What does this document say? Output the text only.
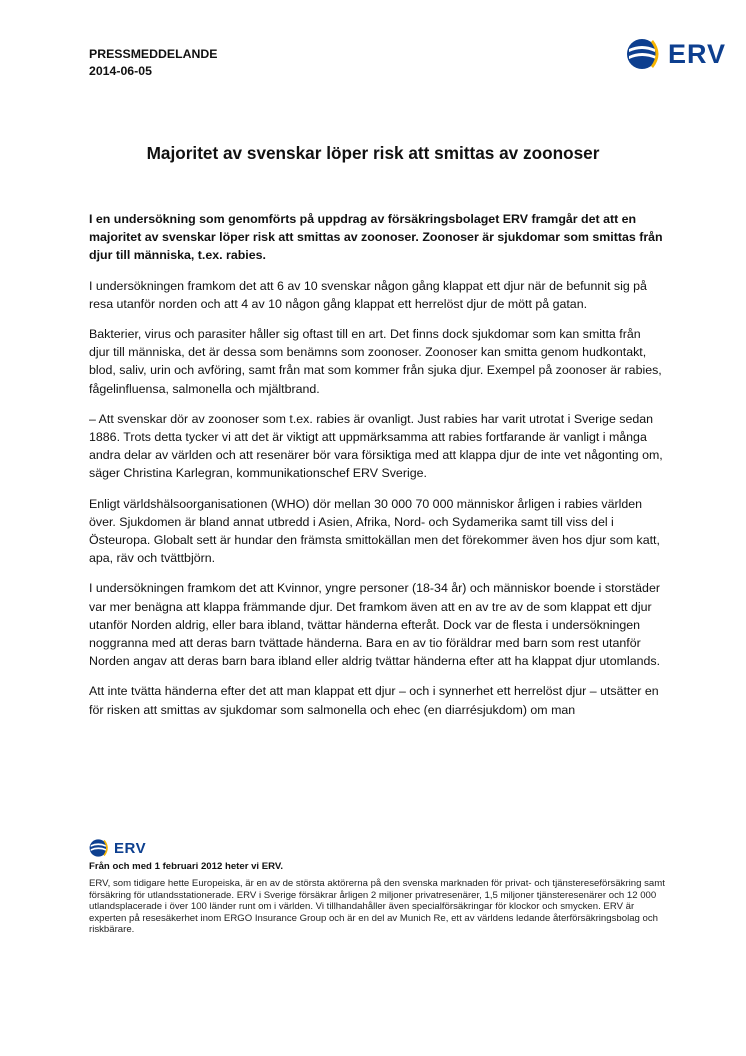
PRESSMEDDELANDE
2014-06-05
ERV
Majoritet av svenskar löper risk att smittas av zoonoser

I en undersökning som genomförts på uppdrag av försäkringsbolaget ERV framgår det att en majoritet av svenskar löper risk att smittas av zoonoser. Zoonoser är sjukdomar som smittas från djur till människa, t.ex. rabies.

I undersökningen framkom det att 6 av 10 svenskar någon gång klappat ett djur när de befunnit sig på resa utanför norden och att 4 av 10 någon gång klappat ett herrelöst djur de mött på gatan.

Bakterier, virus och parasiter håller sig oftast till en art. Det finns dock sjukdomar som kan smitta från djur till människa, det är dessa som benämns som zoonoser. Zoonoser kan smitta genom hudkontakt, blod, saliv, urin och avföring, samt från mat som kommer från sjuka djur. Exempel på zoonoser är rabies, fågelinfluensa, salmonella och mjältbrand.

– Att svenskar dör av zoonoser som t.ex. rabies är ovanligt. Just rabies har varit utrotat i Sverige sedan 1886. Trots detta tycker vi att det är viktigt att uppmärksamma att rabies fortfarande är vanligt i många andra delar av världen och att resenärer bör vara försiktiga med att klappa djur de inte vet någonting om, säger Christina Karlegran, kommunikationschef ERV Sverige.

Enligt världshälsoorganisationen (WHO) dör mellan 30 000 70 000 människor årligen i rabies världen över. Sjukdomen är bland annat utbredd i Asien, Afrika, Nord- och Sydamerika samt till viss del i Östeuropa. Globalt sett är hundar den främsta smittokällan men det förekommer även hos djur som katt, apa, räv och tvättbjörn.

I undersökningen framkom det att Kvinnor, yngre personer (18-34 år) och människor boende i storstäder var mer benägna att klappa främmande djur. Det framkom även att en av tre av de som klappat ett djur utanför Norden aldrig, eller bara ibland, tvättar händerna efteråt. Dock var de flesta i undersökningen noggranna med att deras barn tvättade händerna. Bara en av tio föräldrar med barn som rest utanför Norden angav att deras barn bara ibland eller aldrig tvättar händerna efter att ha klappat djur utomlands.

Att inte tvätta händerna efter det att man klappat ett djur – och i synnerhet ett herrelöst djur – utsätter en för risken att smittas av sjukdomar som salmonella och ehec (en diarrésjukdom) om man

ERV
Från och med 1 februari 2012 heter vi ERV.
ERV, som tidigare hette Europeiska, är en av de största aktörerna på den svenska marknaden för privat- och tjänstereseförsäkring samt försäkring för utlandsstationerade. ERV i Sverige försäkrar årligen 2 miljoner privatresenärer, 1,5 miljoner tjänsteresenärer och 12 000 utlandsplacerade i över 100 länder runt om i världen. Vi tillhandahåller även specialförsäkringar för klockor och smycken. ERV är experten på resesäkerhet inom ERGO Insurance Group och är en del av Munich Re, ett av världens ledande återförsäkringsbolag och riskbärare.
